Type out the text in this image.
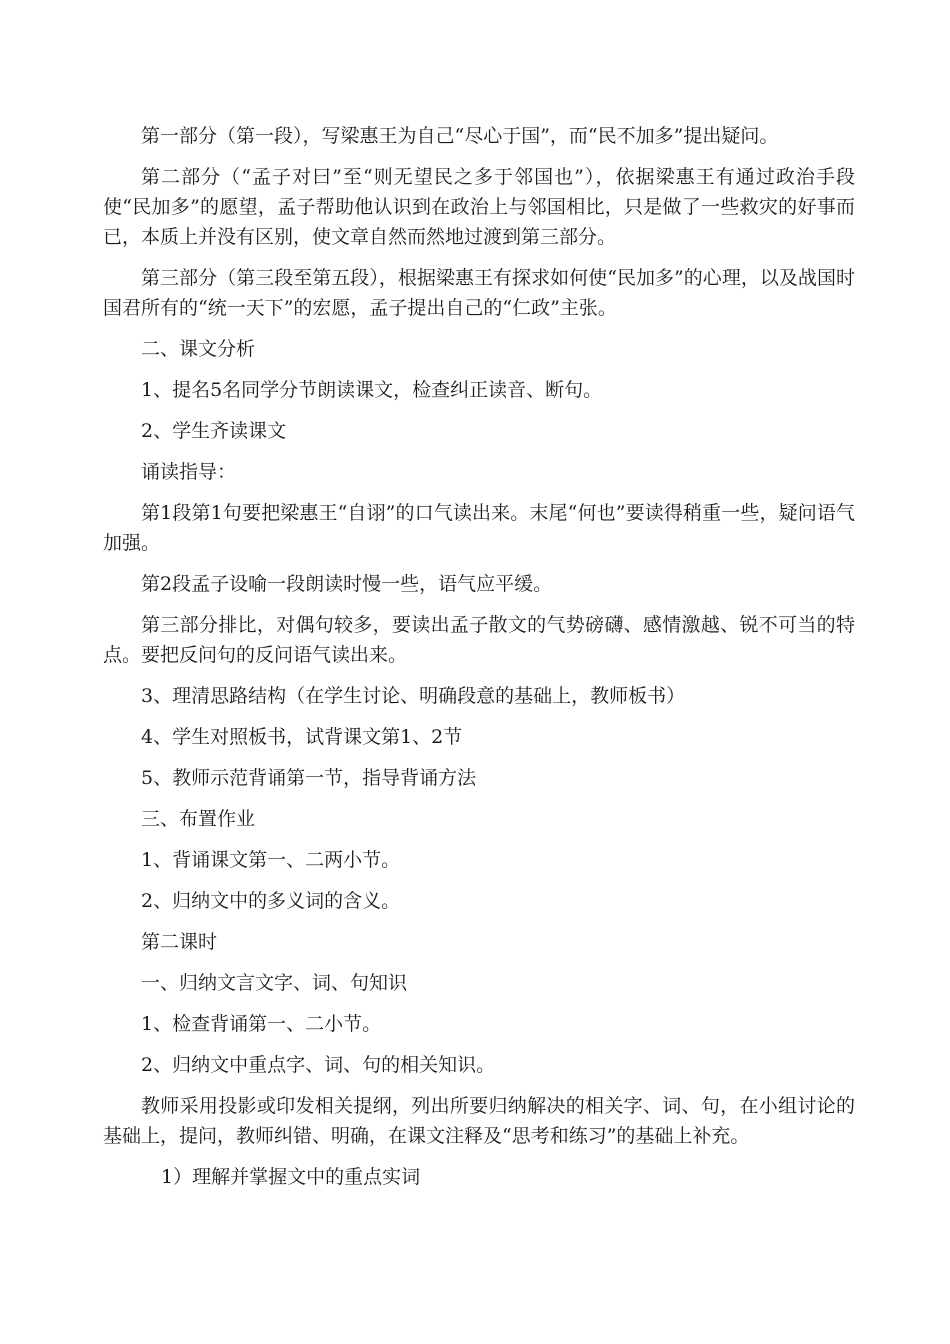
第一部分（第一段），写梁惠王为自己“尽心于国”，而“民不加多”提出疑问。

第二部分（“孟子对曰”至“则无望民之多于邻国也”），依据梁惠王有通过政治手段使“民加多”的愿望，孟子帮助他认识到在政治上与邻国相比，只是做了一些救灾的好事而已，本质上并没有区别，使文章自然而然地过渡到第三部分。

第三部分（第三段至第五段），根据梁惠王有探求如何使“民加多”的心理，以及战国时国君所有的“统一天下”的宏愿，孟子提出自己的“仁政”主张。

二、课文分析

1、提名5名同学分节朗读课文，检查纠正读音、断句。

2、学生齐读课文

诵读指导：

第1段第1句要把梁惠王“自诩”的口气读出来。末尾“何也”要读得稍重一些，疑问语气加强。

第2段孟子设喻一段朗读时慢一些，语气应平缓。

第三部分排比，对偶句较多，要读出孟子散文的气势磅礴、感情激越、锐不可当的特点。要把反问句的反问语气读出来。

3、理清思路结构（在学生讨论、明确段意的基础上，教师板书）

4、学生对照板书，试背课文第1、2节

5、教师示范背诵第一节，指导背诵方法

三、布置作业

1、背诵课文第一、二两小节。

2、归纳文中的多义词的含义。

第二课时

一、归纳文言文字、词、句知识

1、检查背诵第一、二小节。

2、归纳文中重点字、词、句的相关知识。

教师采用投影或印发相关提纲，列出所要归纳解决的相关字、词、句，在小组讨论的基础上，提问，教师纠错、明确，在课文注释及“思考和练习”的基础上补充。

1）理解并掌握文中的重点实词
